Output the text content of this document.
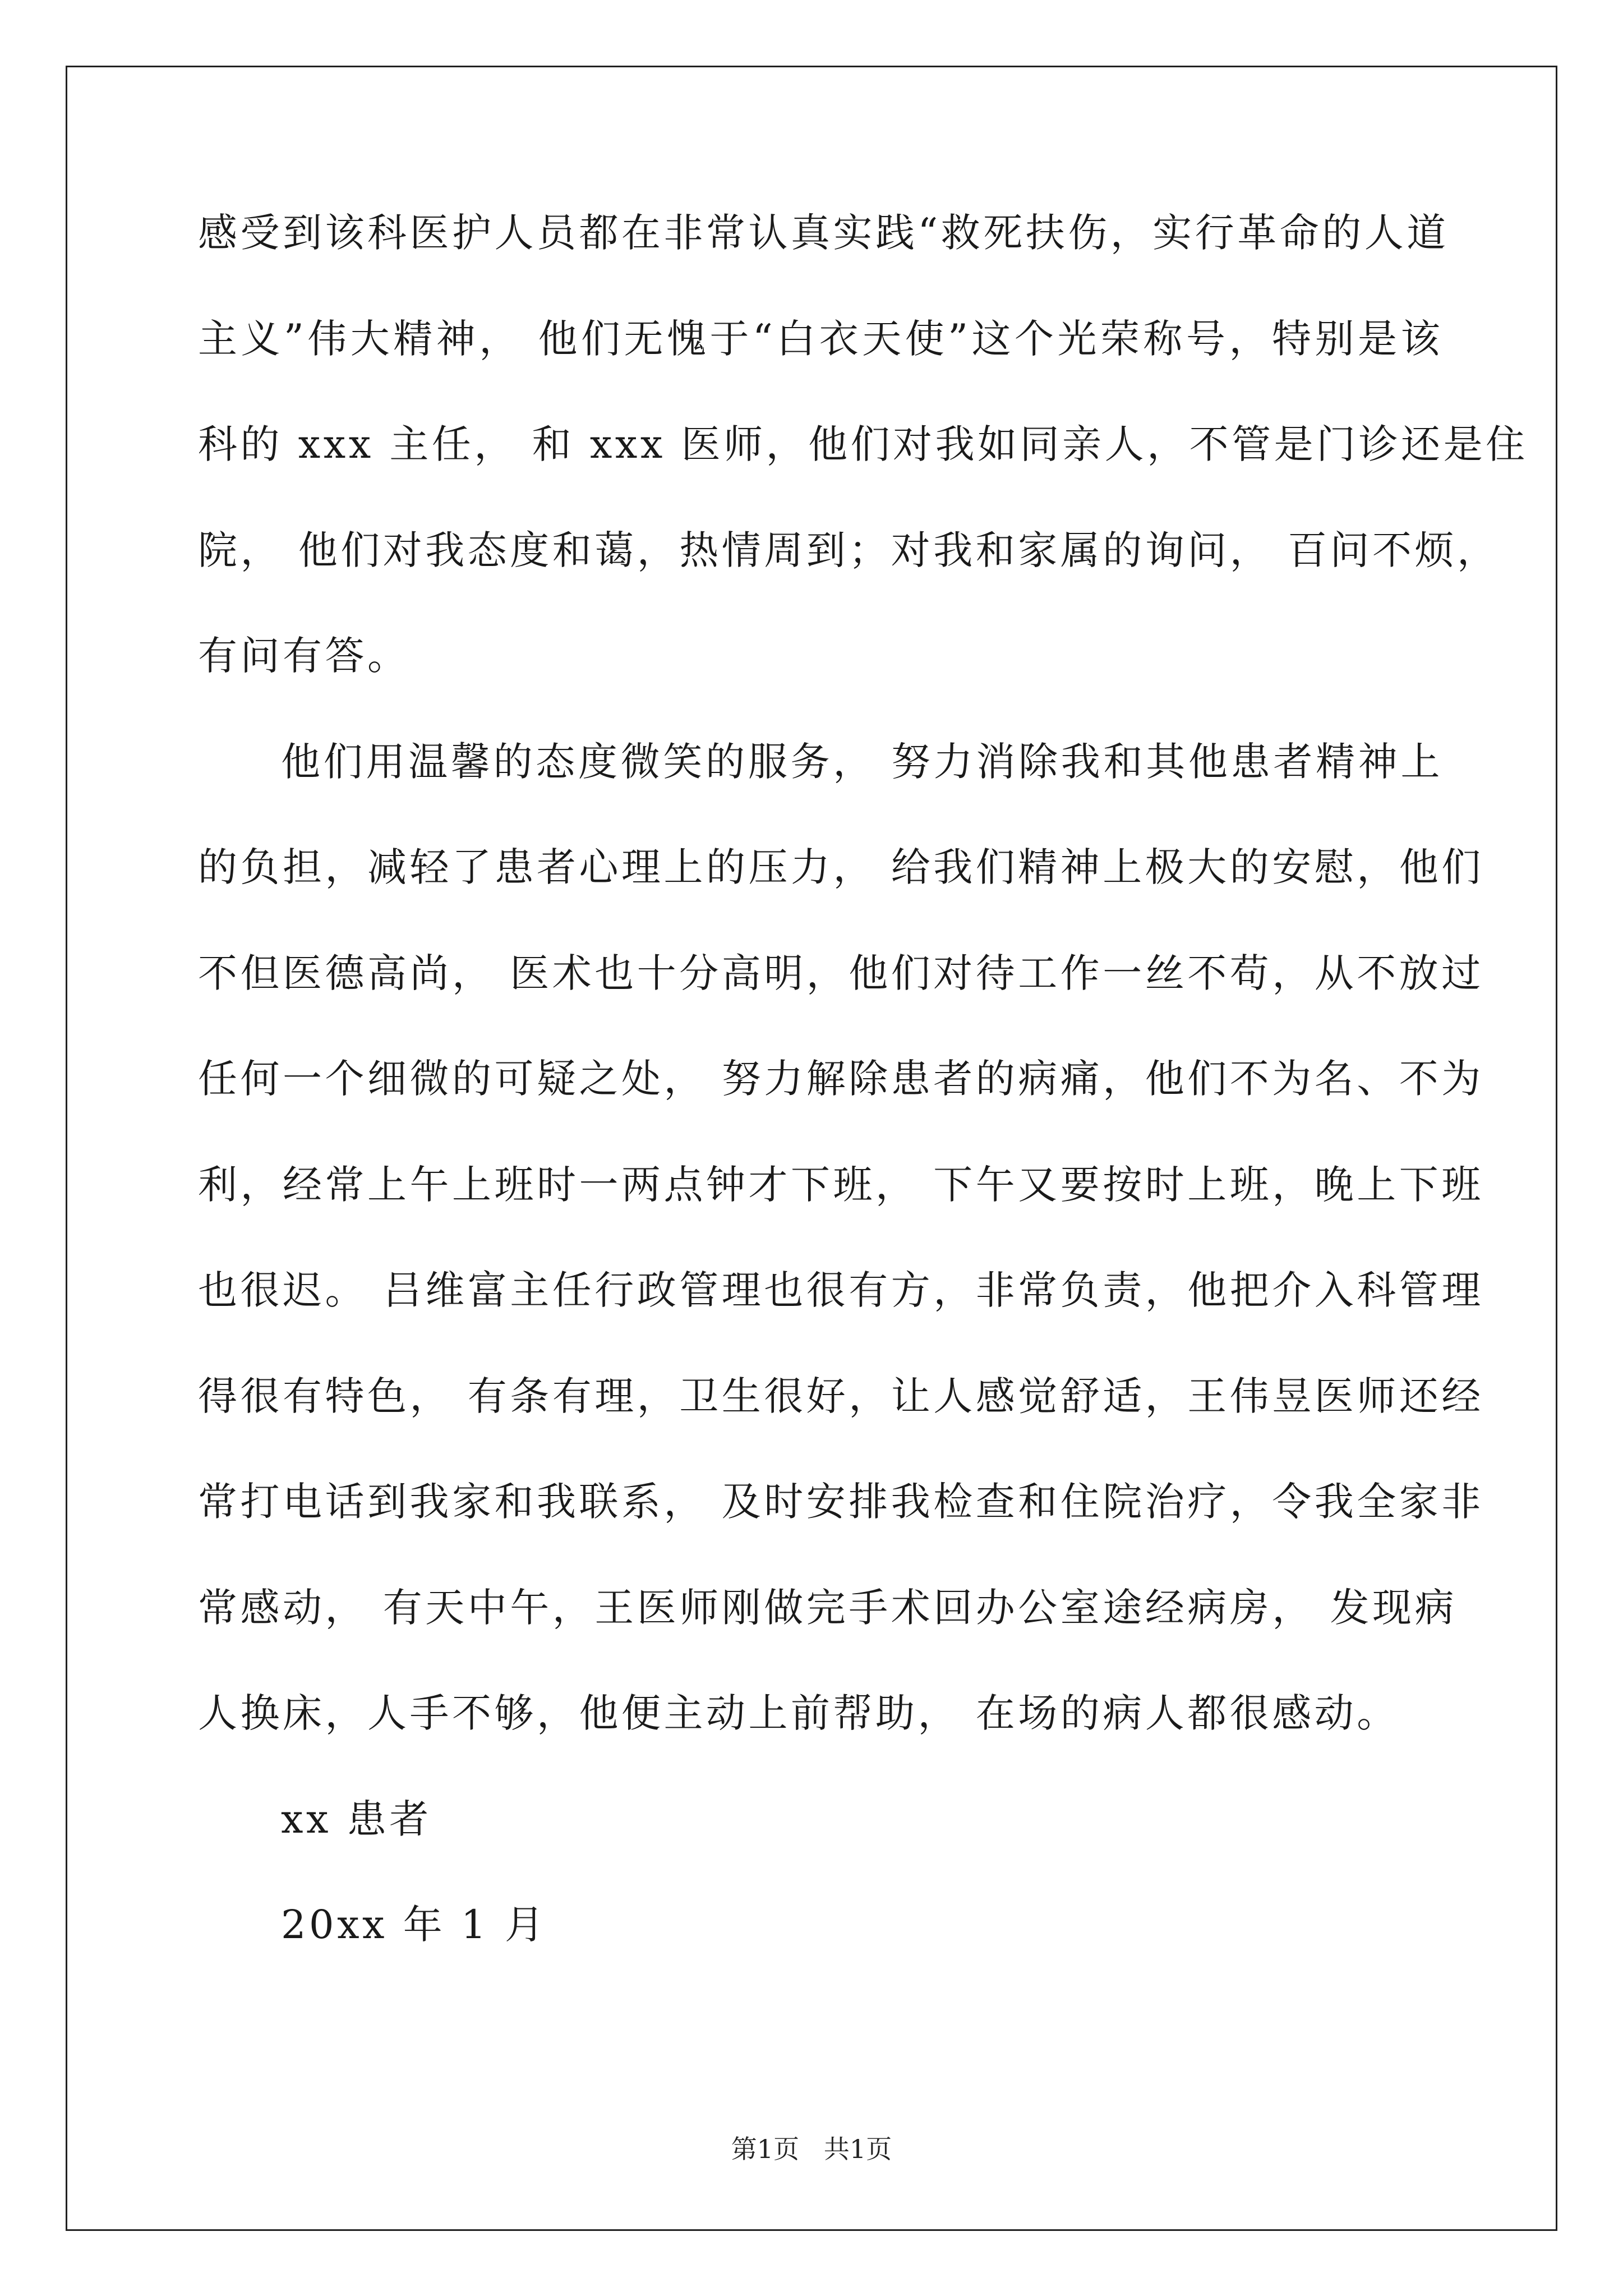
感受到该科医护人员都在非常认真实践“救死扶伤，实行革命的人道
主义”伟大精神， 他们无愧于“白衣天使”这个光荣称号，特别是该
科的 xxx 主任， 和 xxx 医师，他们对我如同亲人，不管是门诊还是住
院， 他们对我态度和蔼，热情周到；对我和家属的询问， 百问不烦，
有问有答。
他们用温馨的态度微笑的服务， 努力消除我和其他患者精神上
的负担，减轻了患者心理上的压力， 给我们精神上极大的安慰，他们
不但医德高尚， 医术也十分高明，他们对待工作一丝不苟，从不放过
任何一个细微的可疑之处， 努力解除患者的病痛，他们不为名、不为
利，经常上午上班时一两点钟才下班， 下午又要按时上班，晚上下班
也很迟。 吕维富主任行政管理也很有方，非常负责，他把介入科管理
得很有特色， 有条有理，卫生很好，让人感觉舒适，王伟昱医师还经
常打电话到我家和我联系， 及时安排我检查和住院治疗，令我全家非
常感动， 有天中午，王医师刚做完手术回办公室途经病房， 发现病
人换床，人手不够，他便主动上前帮助， 在场的病人都很感动。
xx 患者
20xx 年 1 月
第1页   共1页
